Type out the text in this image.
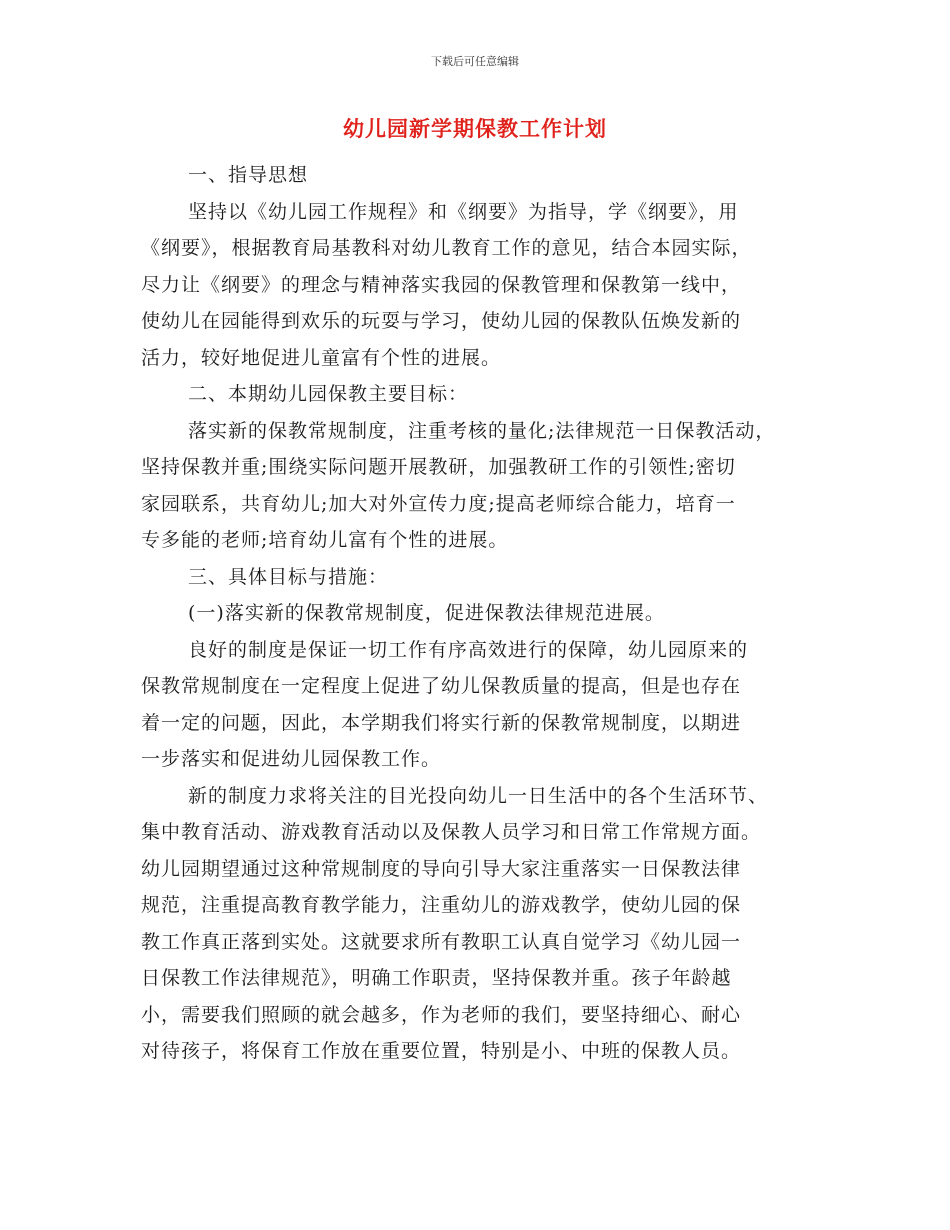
下载后可任意编辑
幼儿园新学期保教工作计划
一、指导思想
坚持以《幼儿园工作规程》和《纲要》为指导，学《纲要》，用
《纲要》，根据教育局基教科对幼儿教育工作的意见，结合本园实际，
尽力让《纲要》的理念与精神落实我园的保教管理和保教第一线中，
使幼儿在园能得到欢乐的玩耍与学习，使幼儿园的保教队伍焕发新的
活力，较好地促进儿童富有个性的进展。
二、本期幼儿园保教主要目标：
落实新的保教常规制度，注重考核的量化;法律规范一日保教活动，
坚持保教并重;围绕实际问题开展教研，加强教研工作的引领性;密切
家园联系，共育幼儿;加大对外宣传力度;提高老师综合能力，培育一
专多能的老师;培育幼儿富有个性的进展。
三、具体目标与措施：
(一)落实新的保教常规制度，促进保教法律规范进展。
良好的制度是保证一切工作有序高效进行的保障，幼儿园原来的
保教常规制度在一定程度上促进了幼儿保教质量的提高，但是也存在
着一定的问题，因此，本学期我们将实行新的保教常规制度，以期进
一步落实和促进幼儿园保教工作。
新的制度力求将关注的目光投向幼儿一日生活中的各个生活环节、
集中教育活动、游戏教育活动以及保教人员学习和日常工作常规方面。
幼儿园期望通过这种常规制度的导向引导大家注重落实一日保教法律
规范，注重提高教育教学能力，注重幼儿的游戏教学，使幼儿园的保
教工作真正落到实处。这就要求所有教职工认真自觉学习《幼儿园一
日保教工作法律规范》，明确工作职责，坚持保教并重。孩子年龄越
小，需要我们照顾的就会越多，作为老师的我们，要坚持细心、耐心
对待孩子，将保育工作放在重要位置，特别是小、中班的保教人员。
